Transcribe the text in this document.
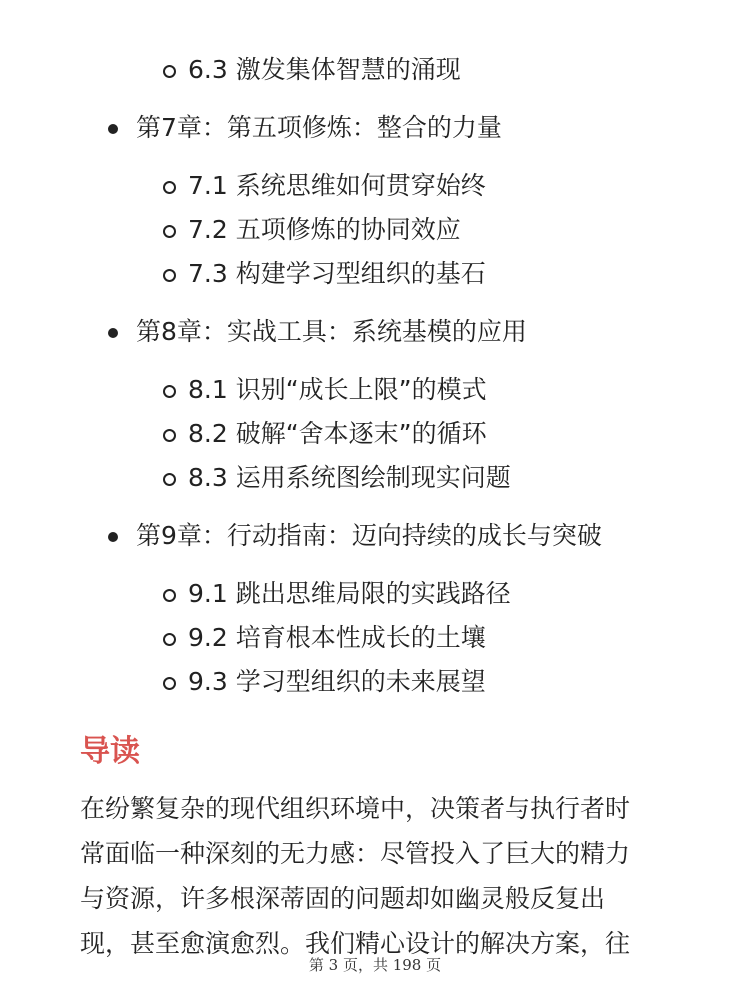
6.3 激发集体智慧的涌现
第7章：第五项修炼：整合的力量
7.1 系统思维如何贯穿始终
7.2 五项修炼的协同效应
7.3 构建学习型组织的基石
第8章：实战工具：系统基模的应用
8.1 识别“成长上限”的模式
8.2 破解“舍本逐末”的循环
8.3 运用系统图绘制现实问题
第9章：行动指南：迈向持续的成长与突破
9.1 跳出思维局限的实践路径
9.2 培育根本性成长的土壤
9.3 学习型组织的未来展望
导读

在纷繁复杂的现代组织环境中，决策者与执行者时
常面临一种深刻的无力感：尽管投入了巨大的精力
与资源，许多根深蒂固的问题却如幽灵般反复出
现，甚至愈演愈烈。我们精心设计的解决方案，往

第 3 页，共 198 页
